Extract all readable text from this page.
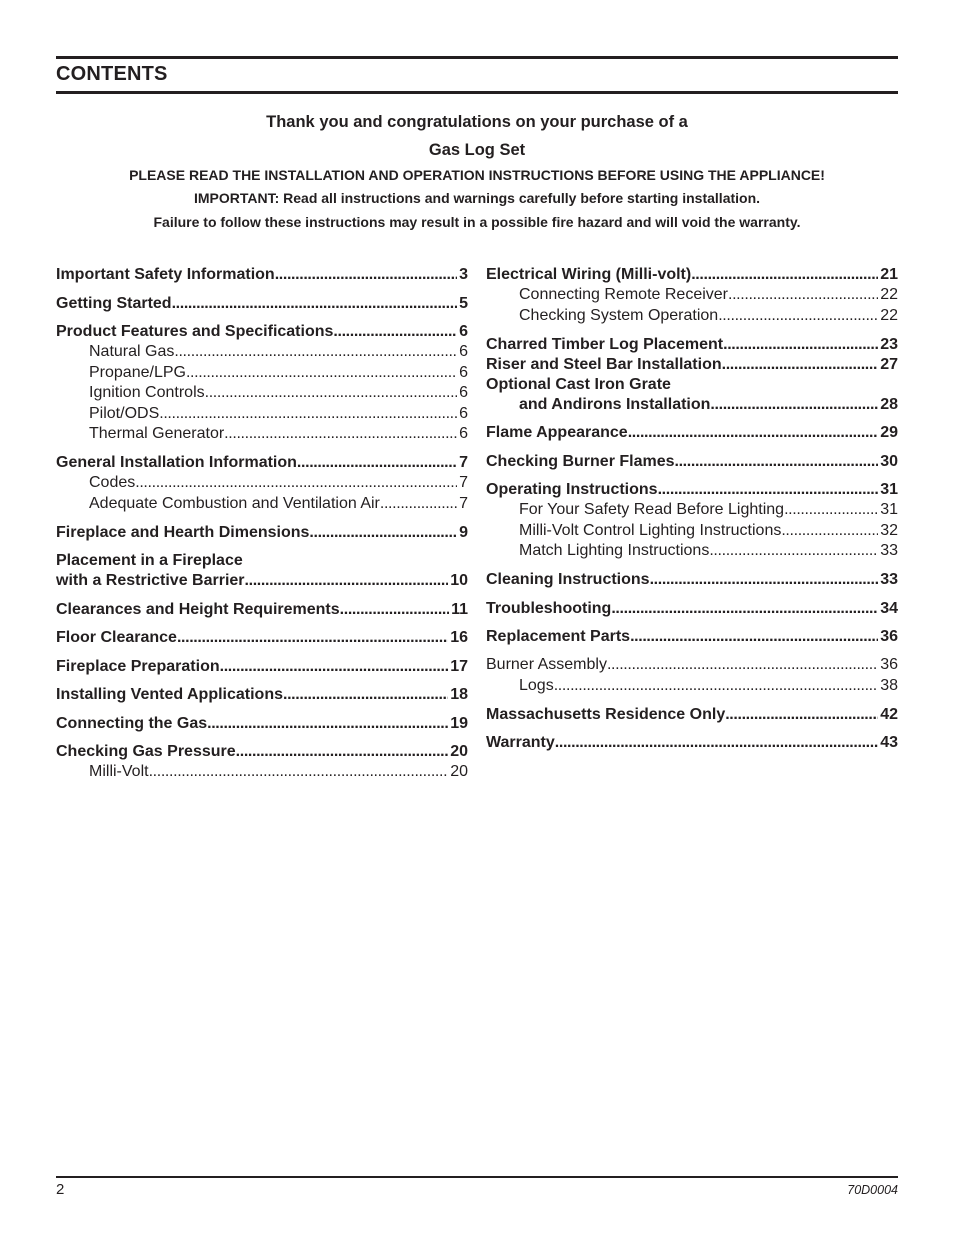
CONTENTS
Thank you and congratulations on your purchase of a
Gas Log Set
PLEASE READ THE INSTALLATION AND OPERATION INSTRUCTIONS BEFORE USING THE APPLIANCE!
IMPORTANT: Read all instructions and warnings carefully before starting installation.
Failure to follow these instructions may result in a possible fire hazard and will void the warranty.
Important Safety Information . . .	3
Getting Started . . .	5
Product Features and Specifications . . .	6
Natural Gas . . .	6
Propane/LPG . . .	6
Ignition Controls . . .	6
Pilot/ODS . . .	6
Thermal Generator . . .	6
General Installation Information . . .	7
Codes . . .	7
Adequate Combustion and Ventilation Air . . .	7
Fireplace and Hearth Dimensions . . .	9
Placement in a Fireplace
with a Restrictive Barrier . . .	10
Clearances and Height Requirements . . .	11
Floor Clearance . . .	16
Fireplace Preparation . . .	17
Installing Vented Applications . . .	18
Connecting the Gas . . .	19
Checking Gas Pressure . . .	20
Milli-Volt . . .	20
Electrical Wiring (Milli-volt) . . .	21
Connecting Remote Receiver . . .	22
Checking System Operation . . .	22
Charred Timber Log Placement . . .	23
Riser and Steel Bar Installation . . .	27
Optional Cast Iron Grate
and Andirons Installation . . .	28
Flame Appearance . . .	29
Checking Burner Flames . . .	30
Operating Instructions . . .	31
For Your Safety Read Before Lighting . . .	31
Milli-Volt Control Lighting Instructions . . .	32
Match Lighting Instructions . . .	33
Cleaning Instructions . . .	33
Troubleshooting . . .	34
Replacement Parts . . .	36
Burner Assembly . . .	36
Logs . . .	38
Massachusetts Residence Only . . .	42
Warranty . . .	43
2	70D0004
